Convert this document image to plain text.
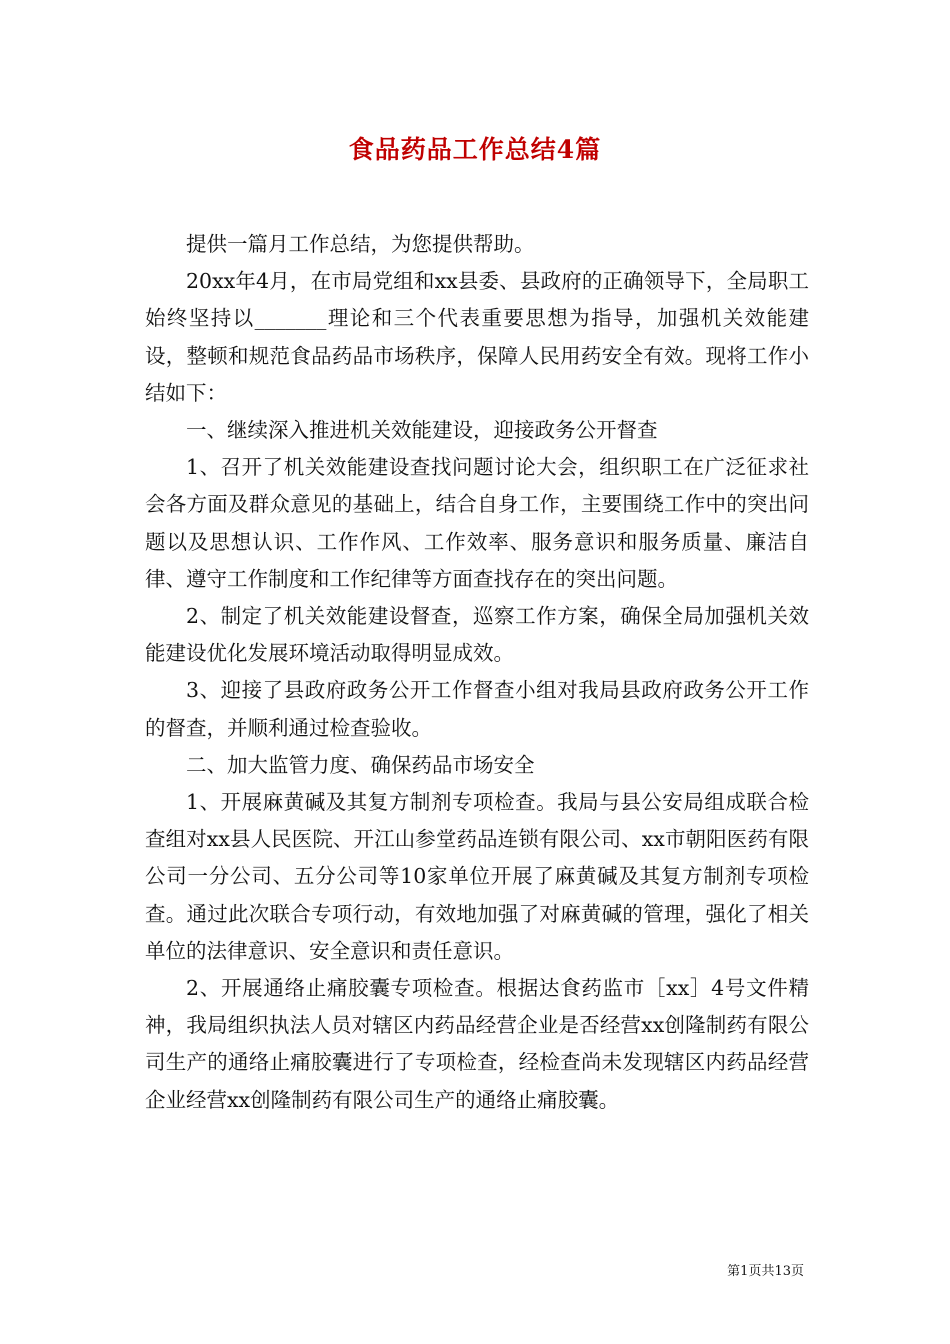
食品药品工作总结4篇

提供一篇月工作总结，为您提供帮助。

20xx年4月，在市局党组和xx县委、县政府的正确领导下，全局职工始终坚持以_______理论和三个代表重要思想为指导，加强机关效能建设，整顿和规范食品药品市场秩序，保障人民用药安全有效。现将工作小结如下：

一、继续深入推进机关效能建设，迎接政务公开督查

1、召开了机关效能建设查找问题讨论大会，组织职工在广泛征求社会各方面及群众意见的基础上，结合自身工作，主要围绕工作中的突出问题以及思想认识、工作作风、工作效率、服务意识和服务质量、廉洁自律、遵守工作制度和工作纪律等方面查找存在的突出问题。

2、制定了机关效能建设督查，巡察工作方案，确保全局加强机关效能建设优化发展环境活动取得明显成效。

3、迎接了县政府政务公开工作督查小组对我局县政府政务公开工作的督查，并顺利通过检查验收。

二、加大监管力度、确保药品市场安全

1、开展麻黄碱及其复方制剂专项检查。我局与县公安局组成联合检查组对xx县人民医院、开江山参堂药品连锁有限公司、xx市朝阳医药有限公司一分公司、五分公司等10家单位开展了麻黄碱及其复方制剂专项检查。通过此次联合专项行动，有效地加强了对麻黄碱的管理，强化了相关单位的法律意识、安全意识和责任意识。

2、开展通络止痛胶囊专项检查。根据达食药监市［xx］4号文件精神，我局组织执法人员对辖区内药品经营企业是否经营xx创隆制药有限公司生产的通络止痛胶囊进行了专项检查，经检查尚未发现辖区内药品经营企业经营xx创隆制药有限公司生产的通络止痛胶囊。

第1页共13页
